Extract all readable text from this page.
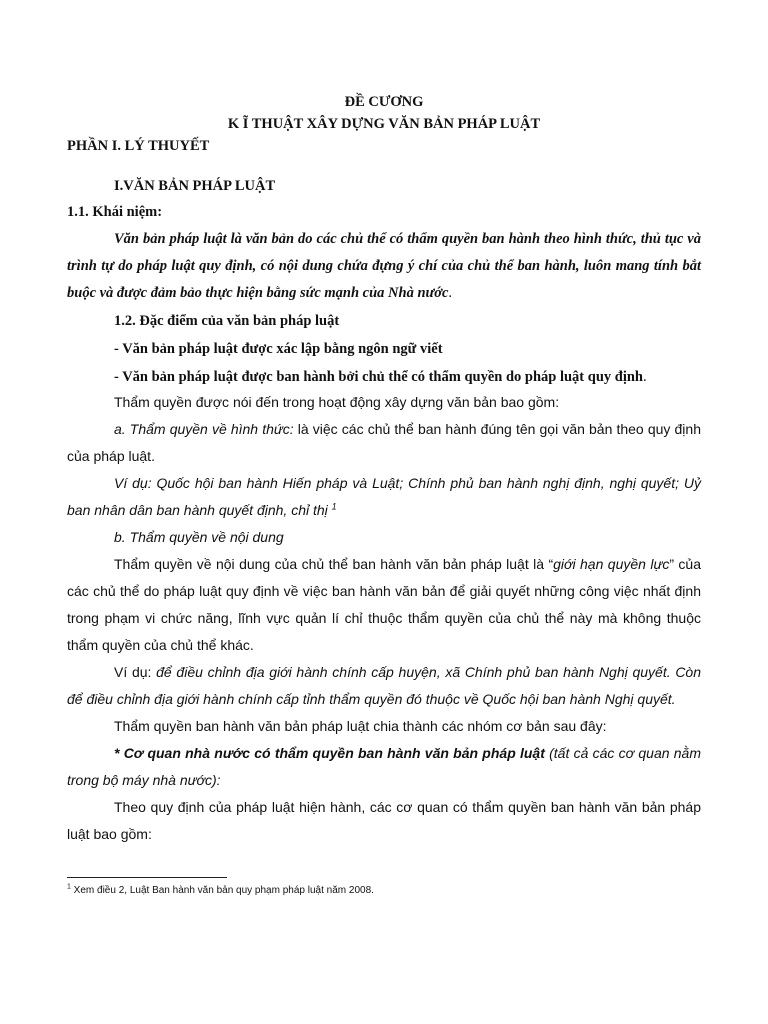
ĐỀ CƯƠNG
K Ĩ THUẬT XÂY DỰNG VĂN BẢN PHÁP LUẬT
PHẦN I. LÝ THUYẾT
I.VĂN BẢN PHÁP LUẬT
1.1. Khái niệm:
Văn bản pháp luật là văn bản do các chủ thể có thẩm quyền ban hành theo hình thức, thủ tục và trình tự do pháp luật quy định, có nội dung chứa đựng ý chí của chủ thể ban hành, luôn mang tính bắt buộc và được đảm bảo thực hiện bằng sức mạnh của Nhà nước.
1.2. Đặc điểm của văn bản pháp luật
- Văn bản pháp luật được xác lập bằng ngôn ngữ viết
- Văn bản pháp luật được ban hành bởi chủ thể có thẩm quyền do pháp luật quy định.
Thẩm quyền được nói đến trong hoạt động xây dựng văn bản bao gồm:
a. Thẩm quyền về hình thức: là việc các chủ thể ban hành đúng tên gọi văn bản theo quy định của pháp luật.
Ví dụ: Quốc hội ban hành Hiến pháp và Luật; Chính phủ ban hành nghị định, nghị quyết; Uỷ ban nhân dân ban hành quyết định, chỉ thị $^1$
b. Thẩm quyền về nội dung
Thẩm quyền về nội dung của chủ thể ban hành văn bản pháp luật là “giới hạn quyền lực” của các chủ thể do pháp luật quy định về việc ban hành văn bản để giải quyết những công việc nhất định trong phạm vi chức năng, lĩnh vực quản lí chỉ thuộc thẩm quyền của chủ thể này mà không thuộc thẩm quyền của chủ thể khác.
Ví dụ: để điều chỉnh địa giới hành chính cấp huyện, xã Chính phủ ban hành Nghị quyết. Còn để điều chỉnh địa giới hành chính cấp tỉnh thẩm quyền đó thuộc về Quốc hội ban hành Nghị quyết.
Thẩm quyền ban hành văn bản pháp luật chia thành các nhóm cơ bản sau đây:
* Cơ quan nhà nước có thẩm quyền ban hành văn bản pháp luật (tất cả các cơ quan nằm trong bộ máy nhà nước):
Theo quy định của pháp luật hiện hành, các cơ quan có thẩm quyền ban hành văn bản pháp luật bao gồm:
$^1$ Xem điều 2, Luật Ban hành văn bản quy phạm pháp luật năm 2008.
